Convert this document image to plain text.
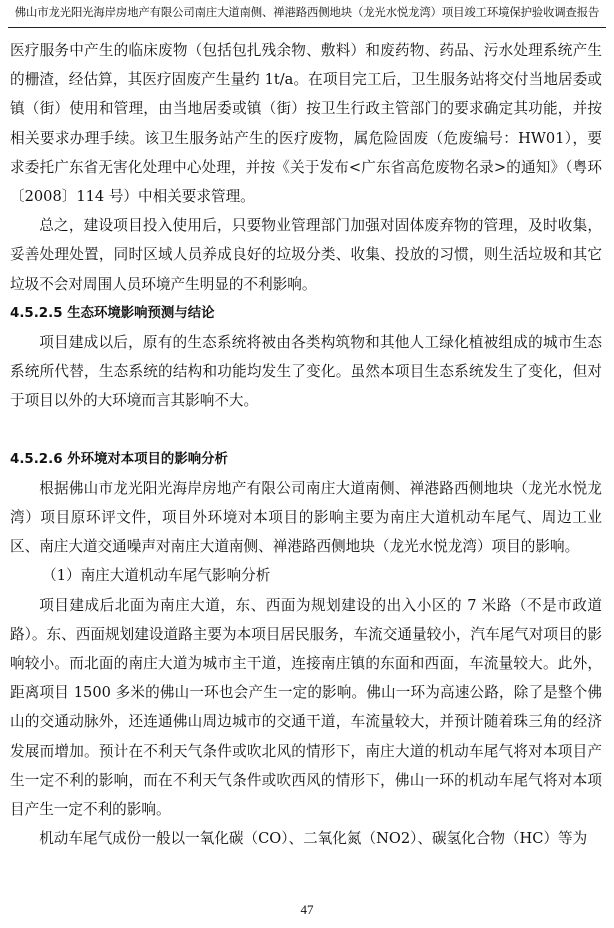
佛山市龙光阳光海岸房地产有限公司南庄大道南侧、禅港路西侧地块（龙光水悦龙湾）项目竣工环境保护验收调查报告

医疗服务中产生的临床废物（包括包扎残余物、敷料）和废药物、药品、污水处理系统产生的栅渣，经估算，其医疗固废产生量约 1t/a。在项目完工后，卫生服务站将交付当地居委或镇（街）使用和管理，由当地居委或镇（街）按卫生行政主管部门的要求确定其功能，并按相关要求办理手续。该卫生服务站产生的医疗废物，属危险固废（危废编号：HW01），要求委托广东省无害化处理中心处理，并按《关于发布<广东省高危废物名录>的通知》（粤环〔2008〕114 号）中相关要求管理。

总之，建设项目投入使用后，只要物业管理部门加强对固体废弃物的管理，及时收集，妥善处理处置，同时区域人员养成良好的垃圾分类、收集、投放的习惯，则生活垃圾和其它垃圾不会对周围人员环境产生明显的不利影响。

4.5.2.5 生态环境影响预测与结论

项目建成以后，原有的生态系统将被由各类构筑物和其他人工绿化植被组成的城市生态系统所代替，生态系统的结构和功能均发生了变化。虽然本项目生态系统发生了变化，但对于项目以外的大环境而言其影响不大。

4.5.2.6 外环境对本项目的影响分析

根据佛山市龙光阳光海岸房地产有限公司南庄大道南侧、禅港路西侧地块（龙光水悦龙湾）项目原环评文件，项目外环境对本项目的影响主要为南庄大道机动车尾气、周边工业区、南庄大道交通噪声对南庄大道南侧、禅港路西侧地块（龙光水悦龙湾）项目的影响。

（1）南庄大道机动车尾气影响分析

项目建成后北面为南庄大道，东、西面为规划建设的出入小区的 7 米路（不是市政道路）。东、西面规划建设道路主要为本项目居民服务，车流交通量较小，汽车尾气对项目的影响较小。而北面的南庄大道为城市主干道，连接南庄镇的东面和西面，车流量较大。此外，距离项目 1500 多米的佛山一环也会产生一定的影响。佛山一环为高速公路，除了是整个佛山的交通动脉外，还连通佛山周边城市的交通干道，车流量较大，并预计随着珠三角的经济发展而增加。预计在不利天气条件或吹北风的情形下，南庄大道的机动车尾气将对本项目产生一定不利的影响，而在不利天气条件或吹西风的情形下，佛山一环的机动车尾气将对本项目产生一定不利的影响。

机动车尾气成份一般以一氧化碳（CO）、二氧化氮（NO2）、碳氢化合物（HC）等为

47
